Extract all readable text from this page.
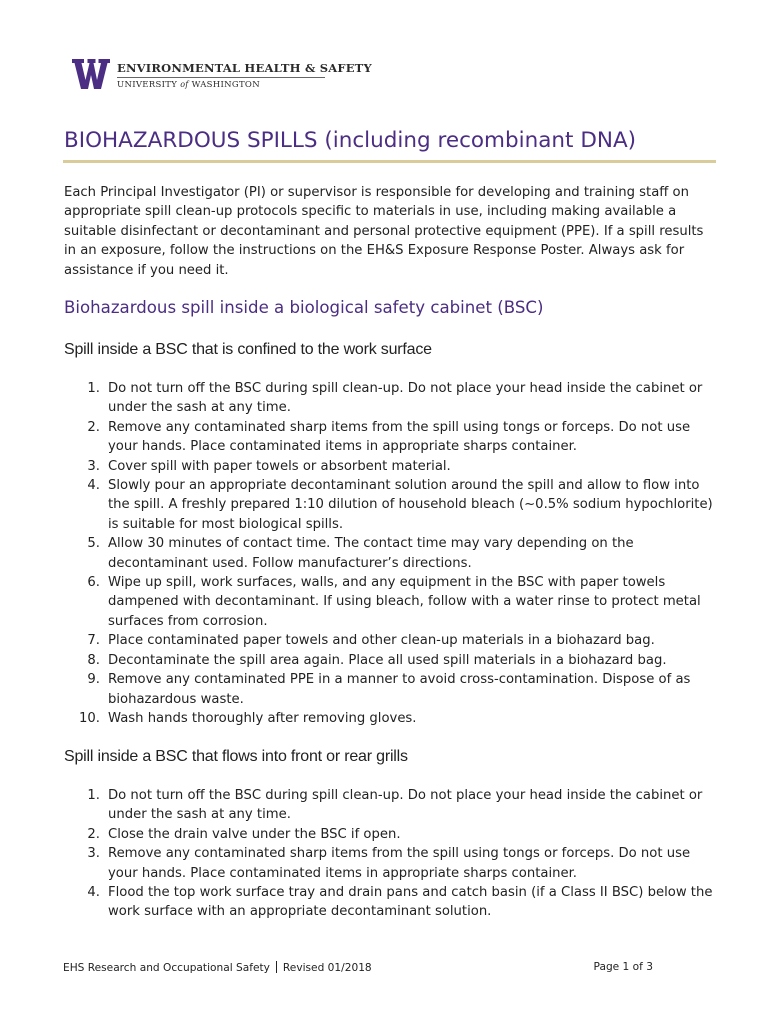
ENVIRONMENTAL HEALTH & SAFETY
UNIVERSITY of WASHINGTON
BIOHAZARDOUS SPILLS (including recombinant DNA)

Each Principal Investigator (PI) or supervisor is responsible for developing and training staff on appropriate spill clean-up protocols specific to materials in use, including making available a suitable disinfectant or decontaminant and personal protective equipment (PPE). If a spill results in an exposure, follow the instructions on the EH&S Exposure Response Poster. Always ask for assistance if you need it.

Biohazardous spill inside a biological safety cabinet (BSC)
Spill inside a BSC that is confined to the work surface
1. Do not turn off the BSC during spill clean-up. Do not place your head inside the cabinet or under the sash at any time.
2. Remove any contaminated sharp items from the spill using tongs or forceps. Do not use your hands. Place contaminated items in appropriate sharps container.
3. Cover spill with paper towels or absorbent material.
4. Slowly pour an appropriate decontaminant solution around the spill and allow to flow into the spill. A freshly prepared 1:10 dilution of household bleach (~0.5% sodium hypochlorite) is suitable for most biological spills.
5. Allow 30 minutes of contact time. The contact time may vary depending on the decontaminant used. Follow manufacturer’s directions.
6. Wipe up spill, work surfaces, walls, and any equipment in the BSC with paper towels dampened with decontaminant. If using bleach, follow with a water rinse to protect metal surfaces from corrosion.
7. Place contaminated paper towels and other clean-up materials in a biohazard bag.
8. Decontaminate the spill area again. Place all used spill materials in a biohazard bag.
9. Remove any contaminated PPE in a manner to avoid cross-contamination. Dispose of as biohazardous waste.
10. Wash hands thoroughly after removing gloves.
Spill inside a BSC that flows into front or rear grills
1. Do not turn off the BSC during spill clean-up. Do not place your head inside the cabinet or under the sash at any time.
2. Close the drain valve under the BSC if open.
3. Remove any contaminated sharp items from the spill using tongs or forceps. Do not use your hands. Place contaminated items in appropriate sharps container.
4. Flood the top work surface tray and drain pans and catch basin (if a Class II BSC) below the work surface with an appropriate decontaminant solution.
EHS Research and Occupational Safety Revised 01/2018	Page 1 of 3
